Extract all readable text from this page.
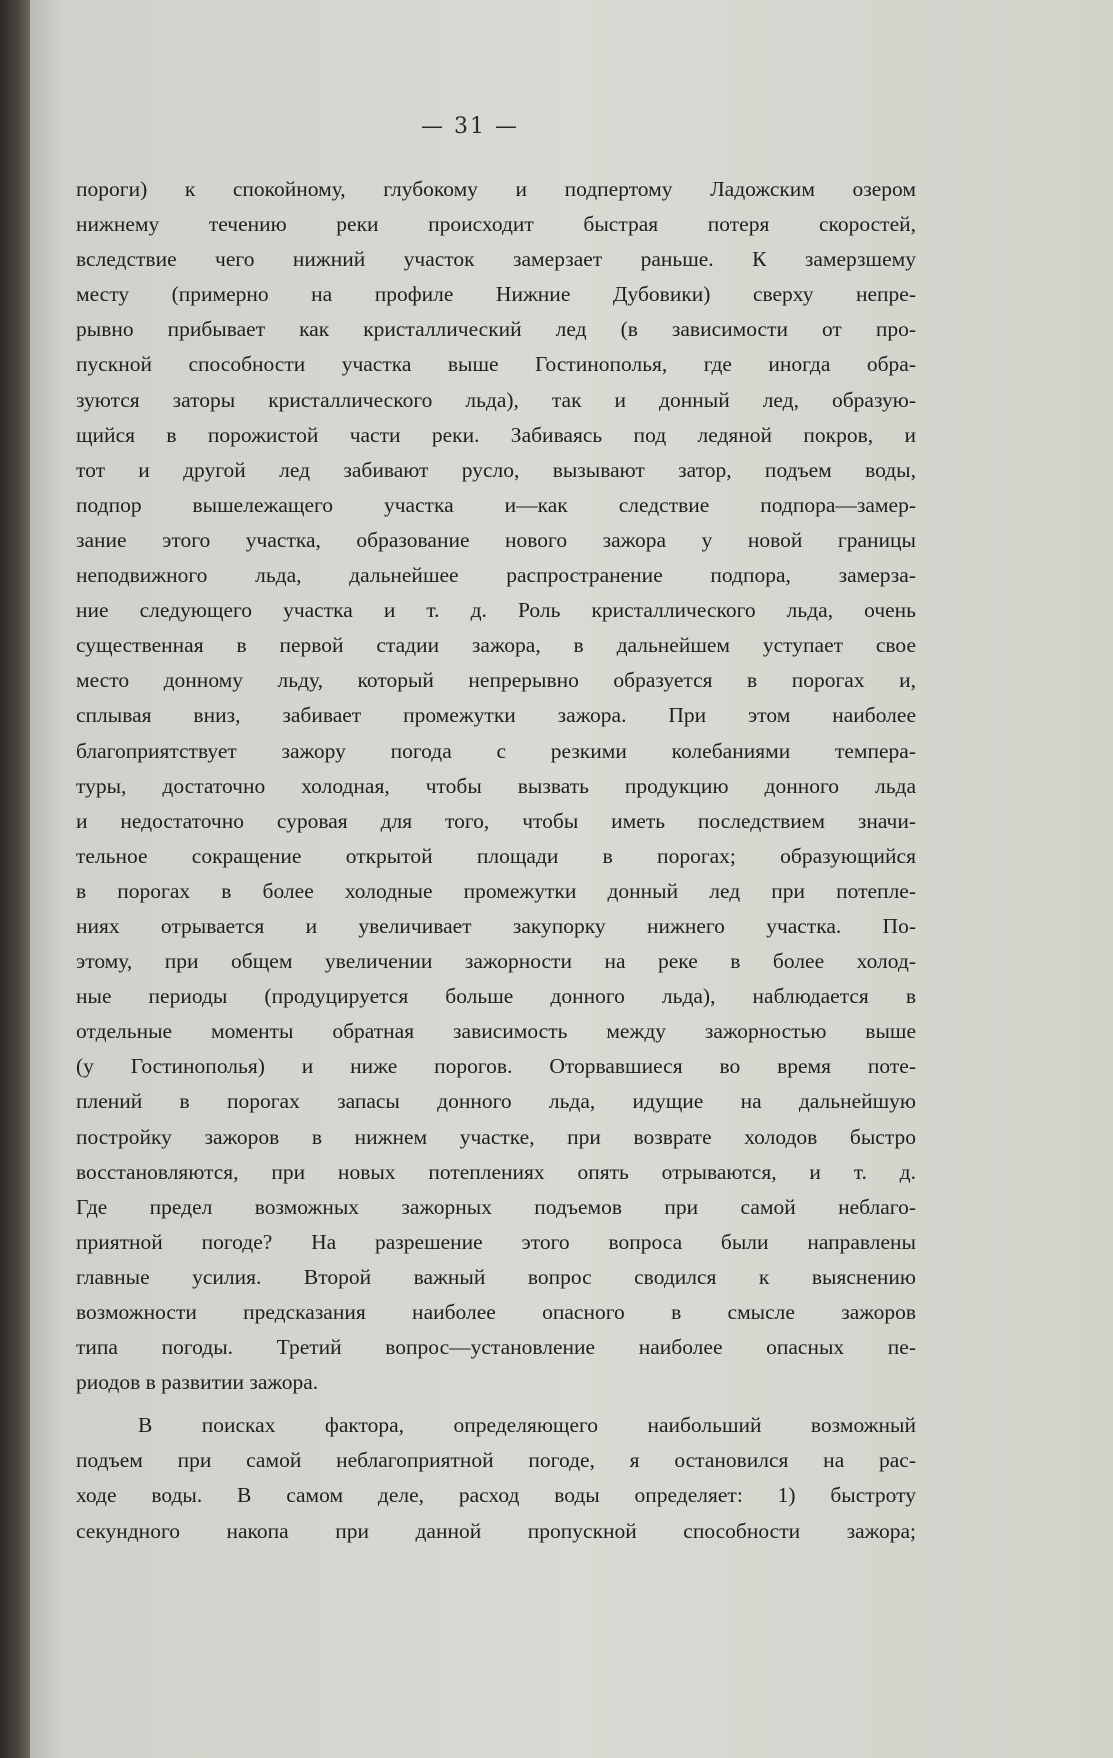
— 31 —
пороги) к спокойному, глубокому и подпертому Ладожским озером
нижнему течению реки происходит быстрая потеря скоростей,
вследствие чего нижний участок замерзает раньше. К замерзшему
месту (примерно на профиле Нижние Дубовики) сверху непре-
рывно прибывает как кристаллический лед (в зависимости от про-
пускной способности участка выше Гостинополья, где иногда обра-
зуются заторы кристаллического льда), так и донный лед, образую-
щийся в порожистой части реки. Забиваясь под ледяной покров, и
тот и другой лед забивают русло, вызывают затор, подъем воды,
подпор вышележащего участка и—как следствие подпора—замер-
зание этого участка, образование нового зажора у новой границы
неподвижного льда, дальнейшее распространение подпора, замерза-
ние следующего участка и т. д. Роль кристаллического льда, очень
существенная в первой стадии зажора, в дальнейшем уступает свое
место донному льду, который непрерывно образуется в порогах и,
сплывая вниз, забивает промежутки зажора. При этом наиболее
благоприятствует зажору погода с резкими колебаниями темпера-
туры, достаточно холодная, чтобы вызвать продукцию донного льда
и недостаточно суровая для того, чтобы иметь последствием значи-
тельное сокращение открытой площади в порогах; образующийся
в порогах в более холодные промежутки донный лед при потепле-
ниях отрывается и увеличивает закупорку нижнего участка. По-
этому, при общем увеличении зажорности на реке в более холод-
ные периоды (продуцируется больше донного льда), наблюдается в
отдельные моменты обратная зависимость между зажорностью выше
(у Гостинополья) и ниже порогов. Оторвавшиеся во время поте-
плений в порогах запасы донного льда, идущие на дальнейшую
постройку зажоров в нижнем участке, при возврате холодов быстро
восстановляются, при новых потеплениях опять отрываются, и т. д.
Где предел возможных зажорных подъемов при самой неблаго-
приятной погоде? На разрешение этого вопроса были направлены
главные усилия. Второй важный вопрос сводился к выяснению
возможности предсказания наиболее опасного в смысле зажоров
типа погоды. Третий вопрос—установление наиболее опасных пе-
риодов в развитии зажора.
В поисках фактора, определяющего наибольший возможный
подъем при самой неблагоприятной погоде, я остановился на рас-
ходе воды. В самом деле, расход воды определяет: 1) быстроту
секундного накопа при данной пропускной способности зажора;
